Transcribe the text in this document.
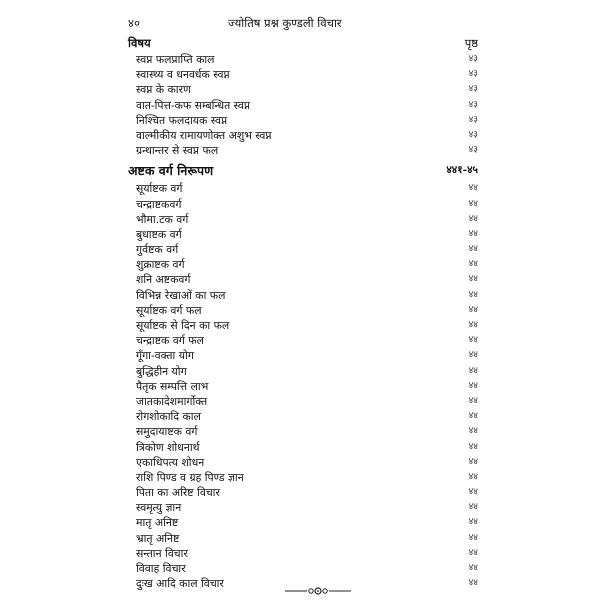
४०	ज्योतिष प्रश्न कुण्डली विचार
विषय	पृष्ठ
स्वप्न फलप्राप्ति काल	४३
स्वास्थ्य व धनवर्धक स्वप्न	४३
स्वप्न के कारण	४३
वात-पित्त-कफ सम्बन्धित स्वप्न	४३
निश्चित फलदायक स्वप्न	४३
वाल्मीकीय रामायणोक्त अशुभ स्वप्न	४३
ग्रन्थान्तर से स्वप्न फल	४३
अष्टक वर्ग निरूपण	४४१-४५
सूर्याष्टक वर्ग	४४
चन्द्राष्टकवर्ग	४४
भौमा.टक वर्ग	४४
बुधाष्टक वर्ग	४४
गुर्वष्टक वर्ग	४४
शुक्राष्टक वर्ग	४४
शनि अष्टकवर्ग	४४
विभिन्न रेखाओं का फल	४४
सूर्याष्टक वर्ग फल	४४
सूर्याष्टक से दिन का फल	४४
चन्द्राष्टक वर्ग फल	४४
गूँगा-वक्ता योग	४४
बुद्धिहीन योग	४४
पैतृक सम्पत्ति लाभ	४४
जातकादेशमार्गोक्त	४४
रोगशोकादि काल	४४
समुदायाष्टक वर्ग	४४
त्रिकोण शोधनार्थ	४४
एकाधिपत्य शोधन	४४
राशि पिण्ड व ग्रह पिण्ड ज्ञान	४४
पिता का अरिष्ट विचार	४४
स्वमृत्यु ज्ञान	४४
मातृ अनिष्ट	४४
भ्रातृ अनिष्ट	४४
सन्तान विचार	४४
विवाह विचार	४४
दुःख आदि काल विचार	४४
